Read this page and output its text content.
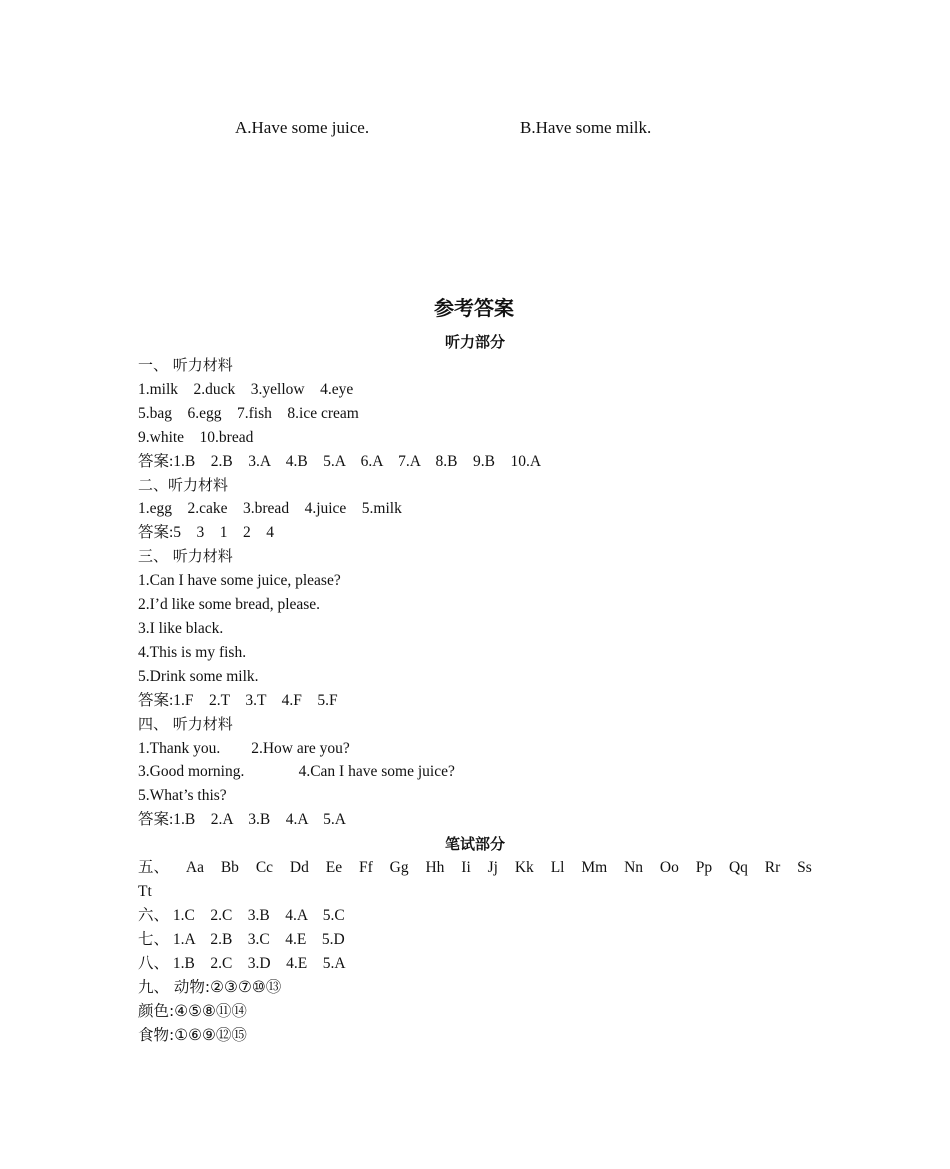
A.Have some juice.	B.Have some milk.
参考答案
听力部分
一、 听力材料
1.milk    2.duck    3.yellow    4.eye
5.bag    6.egg    7.fish    8.ice cream
9.white    10.bread
答案:1.B    2.B    3.A    4.B    5.A    6.A    7.A    8.B    9.B    10.A
二、听力材料
1.egg    2.cake    3.bread    4.juice    5.milk
答案:5    3    1    2    4
三、 听力材料
1.Can I have some juice, please?
2.I’d like some bread, please.
3.I like black.
4.This is my fish.
5.Drink some milk.
答案:1.F    2.T    3.T    4.F    5.F
四、 听力材料
1.Thank you.        2.How are you?
3.Good morning.              4.Can I have some juice?
5.What’s this?
答案:1.B    2.A    3.B    4.A    5.A
笔试部分
五、 Aa Bb Cc Dd Ee Ff Gg Hh Ii Jj Kk Ll Mm Nn Oo Pp Qq Rr Ss
Tt
六、 1.C    2.C    3.B    4.A    5.C
七、 1.A    2.B    3.C    4.E    5.D
八、 1.B    2.C    3.D    4.E    5.A
九、 动物:②③⑦⑩⑬
颜色:④⑤⑧⑪⑭
食物:①⑥⑨⑫⑮
